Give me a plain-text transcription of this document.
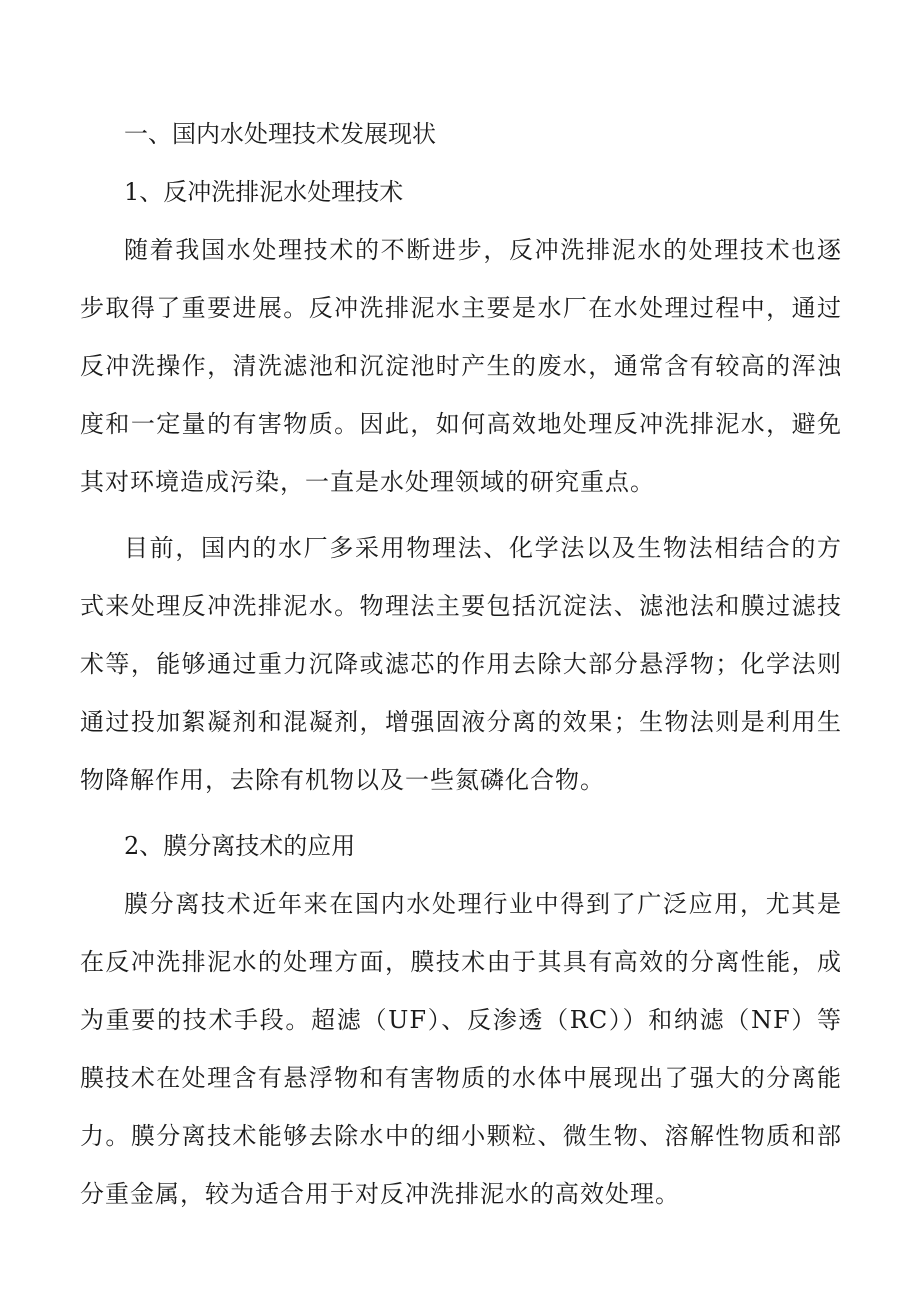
一、国内水处理技术发展现状
1、反冲洗排泥水处理技术

随着我国水处理技术的不断进步，反冲洗排泥水的处理技术也逐步取得了重要进展。反冲洗排泥水主要是水厂在水处理过程中，通过反冲洗操作，清洗滤池和沉淀池时产生的废水，通常含有较高的浑浊度和一定量的有害物质。因此，如何高效地处理反冲洗排泥水，避免其对环境造成污染，一直是水处理领域的研究重点。

目前，国内的水厂多采用物理法、化学法以及生物法相结合的方式来处理反冲洗排泥水。物理法主要包括沉淀法、滤池法和膜过滤技术等，能够通过重力沉降或滤芯的作用去除大部分悬浮物；化学法则通过投加絮凝剂和混凝剂，增强固液分离的效果；生物法则是利用生物降解作用，去除有机物以及一些氮磷化合物。

2、膜分离技术的应用

膜分离技术近年来在国内水处理行业中得到了广泛应用，尤其是在反冲洗排泥水的处理方面，膜技术由于其具有高效的分离性能，成为重要的技术手段。超滤（UF）、反渗透（RC））和纳滤（NF）等膜技术在处理含有悬浮物和有害物质的水体中展现出了强大的分离能力。膜分离技术能够去除水中的细小颗粒、微生物、溶解性物质和部分重金属，较为适合用于对反冲洗排泥水的高效处理。
